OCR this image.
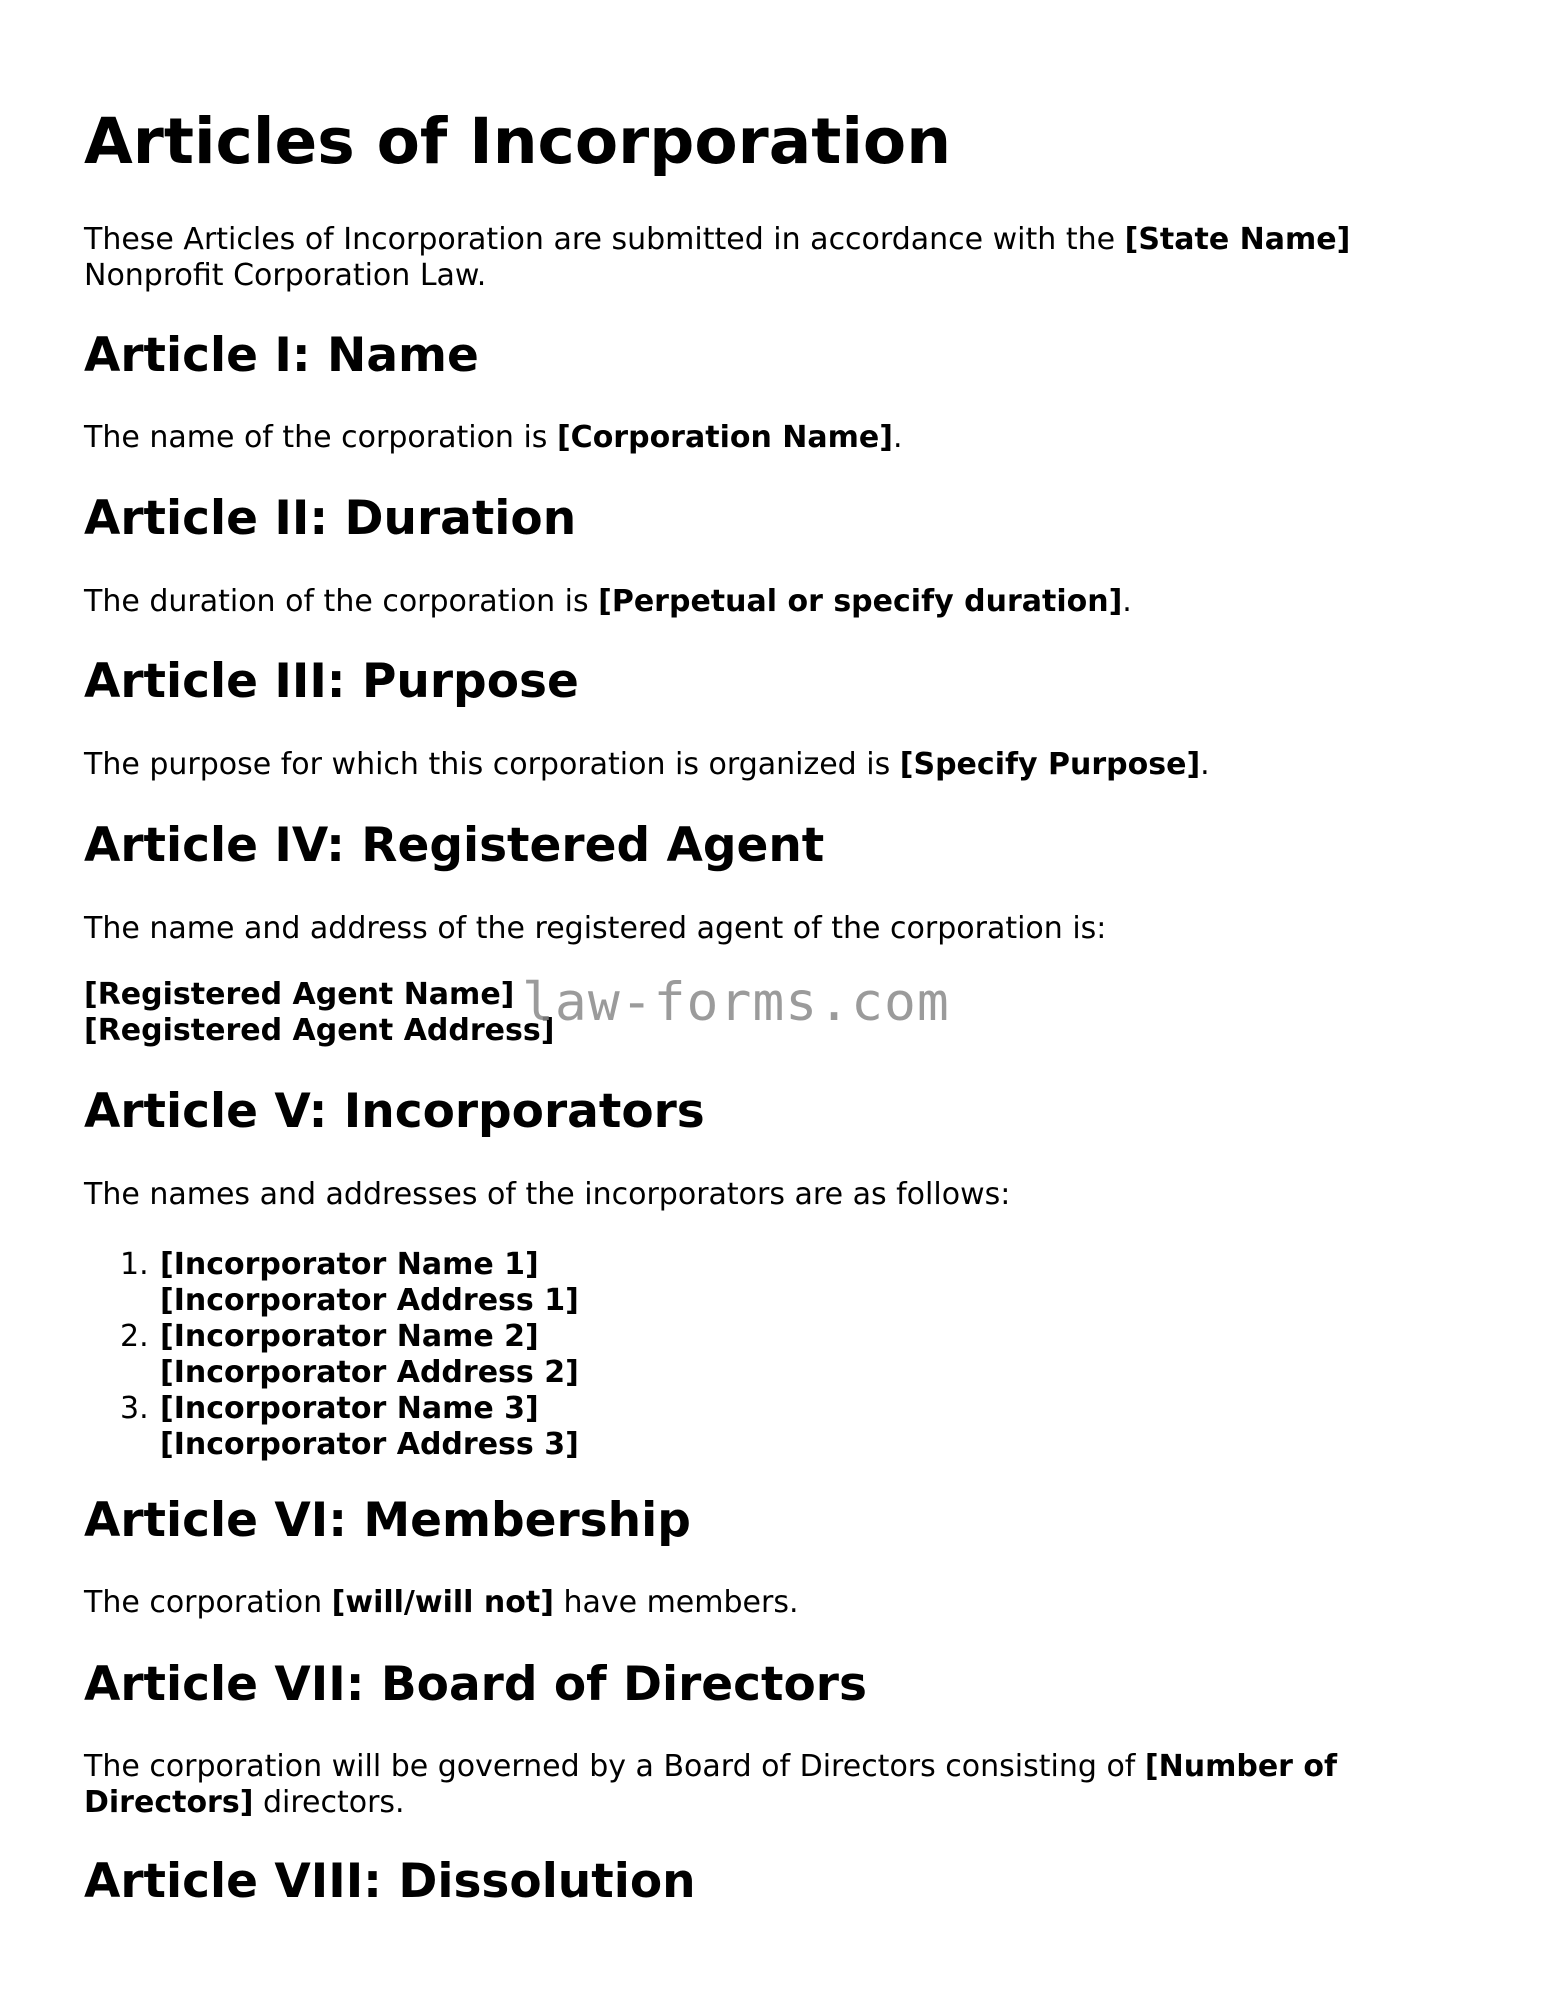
Articles of Incorporation

These Articles of Incorporation are submitted in accordance with the [State Name]
Nonprofit Corporation Law.

Article I: Name

The name of the corporation is [Corporation Name].

Article II: Duration

The duration of the corporation is [Perpetual or specify duration].

Article III: Purpose

The purpose for which this corporation is organized is [Specify Purpose].

Article IV: Registered Agent

The name and address of the registered agent of the corporation is:

[Registered Agent Name]
[Registered Agent Address]

Article V: Incorporators

The names and addresses of the incorporators are as follows:

1. [Incorporator Name 1]
[Incorporator Address 1]
2. [Incorporator Name 2]
[Incorporator Address 2]
3. [Incorporator Name 3]
[Incorporator Address 3]
Article VI: Membership

The corporation [will/will not] have members.

Article VII: Board of Directors

The corporation will be governed by a Board of Directors consisting of [Number of Directors] directors.

Article VIII: Dissolution
law-forms.com
